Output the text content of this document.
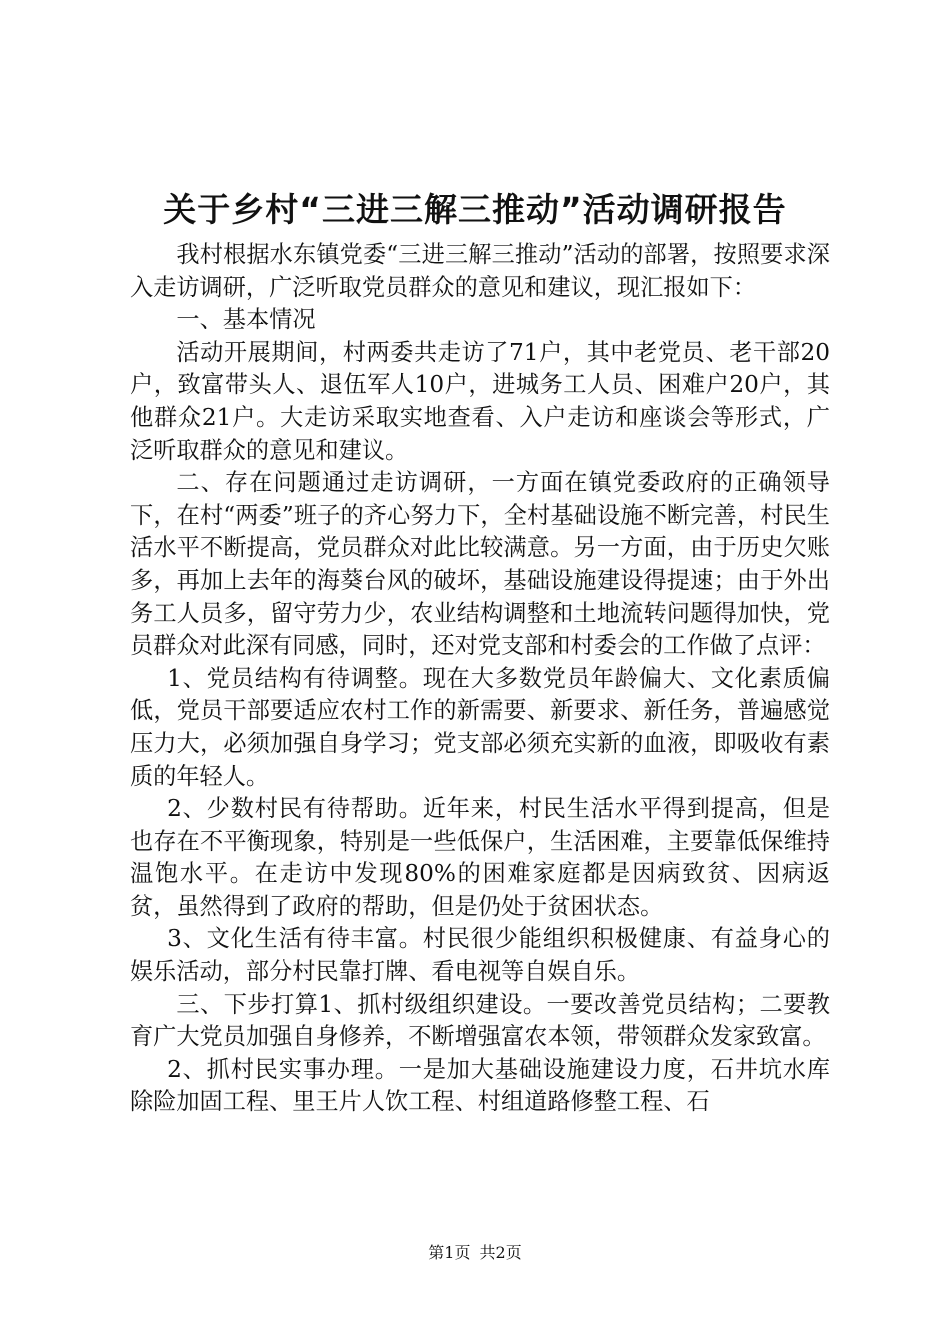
关于乡村“三进三解三推动”活动调研报告

我村根据水东镇党委“三进三解三推动”活动的部署，按照要求深入走访调研，广泛听取党员群众的意见和建议，现汇报如下：

一、基本情况

活动开展期间，村两委共走访了71户，其中老党员、老干部20户，致富带头人、退伍军人10户，进城务工人员、困难户20户，其他群众21户。大走访采取实地查看、入户走访和座谈会等形式，广泛听取群众的意见和建议。

二、存在问题通过走访调研，一方面在镇党委政府的正确领导下，在村“两委”班子的齐心努力下，全村基础设施不断完善，村民生活水平不断提高，党员群众对此比较满意。另一方面，由于历史欠账多，再加上去年的海葵台风的破坏，基础设施建设得提速；由于外出务工人员多，留守劳力少，农业结构调整和土地流转问题得加快，党员群众对此深有同感，同时，还对党支部和村委会的工作做了点评：

1、党员结构有待调整。现在大多数党员年龄偏大、文化素质偏低，党员干部要适应农村工作的新需要、新要求、新任务，普遍感觉压力大，必须加强自身学习；党支部必须充实新的血液，即吸收有素质的年轻人。

2、少数村民有待帮助。近年来，村民生活水平得到提高，但是也存在不平衡现象，特别是一些低保户，生活困难，主要靠低保维持温饱水平。在走访中发现80%的困难家庭都是因病致贫、因病返贫，虽然得到了政府的帮助，但是仍处于贫困状态。

3、文化生活有待丰富。村民很少能组织积极健康、有益身心的娱乐活动，部分村民靠打牌、看电视等自娱自乐。

三、下步打算1、抓村级组织建设。一要改善党员结构；二要教育广大党员加强自身修养，不断增强富农本领，带领群众发家致富。

2、抓村民实事办理。一是加大基础设施建设力度，石井坑水库除险加固工程、里王片人饮工程、村组道路修整工程、石

第1页 共2页
